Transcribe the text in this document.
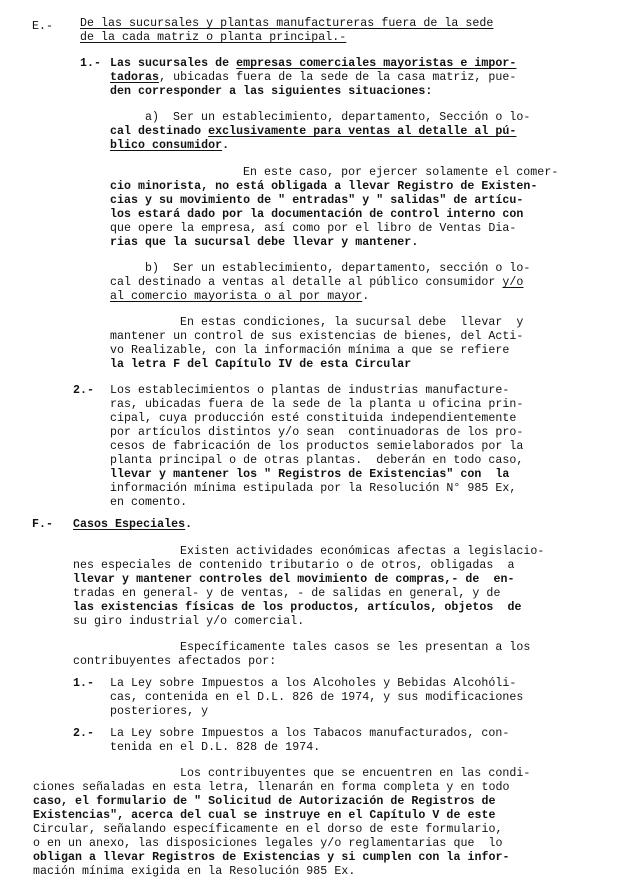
E.- De las sucursales y plantas manufactureras fuera de la sede
de la cada matriz o planta principal.-
1.- Las sucursales de empresas comerciales mayoristas e impor-
tadoras, ubicadas fuera de la sede de la casa matriz, pue-
den corresponder a las siguientes situaciones:
a)  Ser un establecimiento, departamento, Sección o lo-
cal destinado exclusivamente para ventas al detalle al pú-
blico consumidor.
En este caso, por ejercer solamente el comer-
cio minorista, no está obligada a llevar Registro de Existen-
cias y su movimiento de " entradas" y " salidas" de artícu-
los estará dado por la documentación de control interno con
que opere la empresa, así como por el libro de Ventas Dia-
rias que la sucursal debe llevar y mantener.
b)  Ser un establecimiento, departamento, sección o lo-
cal destinado a ventas al detalle al público consumidor y/o
al comercio mayorista o al por mayor.
En estas condiciones, la sucursal debe  llevar  y
mantener un control de sus existencias de bienes, del Acti-
vo Realizable, con la información mínima a que se refiere
la letra F del Capítulo IV de esta Circular
2.- Los establecimientos o plantas de industrias manufacture-
ras, ubicadas fuera de la sede de la planta u oficina prin-
cipal, cuya producción esté constituida independientemente
por artículos distintos y/o sean  continuadoras de los pro-
cesos de fabricación de los productos semielaborados por la
planta principal o de otras plantas.  deberán en todo caso,
llevar y mantener los " Registros de Existencias" con  la
información mínima estipulada por la Resolución N° 985 Ex,
en comento.
F.- Casos Especiales.
Existen actividades económicas afectas a legislacio-
nes especiales de contenido tributario o de otros, obligadas  a
llevar y mantener controles del movimiento de compras,- de  en-
tradas en general- y de ventas, - de salidas en general, y de
las existencias físicas de los productos, artículos, objetos  de
su giro industrial y/o comercial.
Específicamente tales casos se les presentan a los
contribuyentes afectados por:
1.- La Ley sobre Impuestos a los Alcoholes y Bebidas Alcohóli-
cas, contenida en el D.L. 826 de 1974, y sus modificaciones
posteriores, y
2.- La Ley sobre Impuestos a los Tabacos manufacturados, con-
tenida en el D.L. 828 de 1974.
Los contribuyentes que se encuentren en las condi-
ciones señaladas en esta letra, llenarán en forma completa y en todo
caso, el formulario de " Solicitud de Autorización de Registros de
Existencias", acerca del cual se instruye en el Capítulo V de este
Circular, señalando específicamente en el dorso de este formulario,
o en un anexo, las disposiciones legales y/o reglamentarias que  lo
obligan a llevar Registros de Existencias y si cumplen con la infor-
mación mínima exigida en la Resolución 985 Ex.
